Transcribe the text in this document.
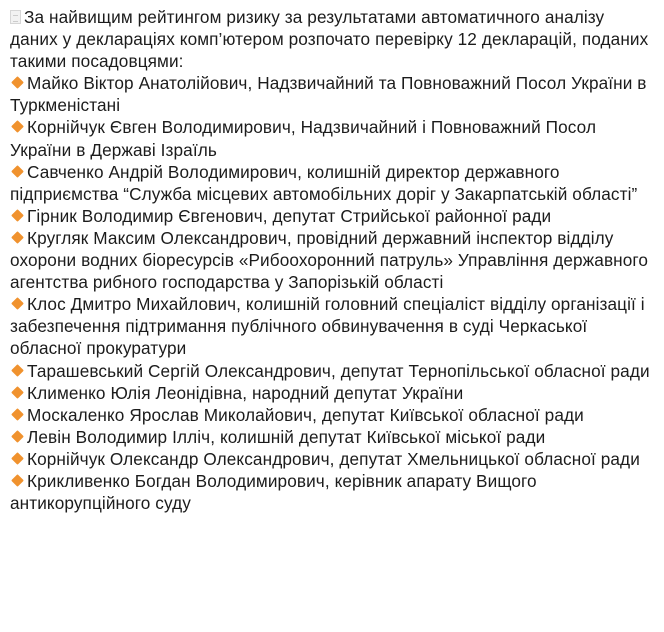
За найвищим рейтингом ризику за результатами автоматичного аналізу даних у деклараціях комп’ютером розпочато перевірку 12 декларацій, поданих такими посадовцями:

Майко Віктор Анатолійович, Надзвичайний та Повноважний Посол України в Туркменістані

Корнійчук Євген Володимирович, Надзвичайний і Повноважний Посол України в Державі Ізраїль

Савченко Андрій Володимирович, колишній директор державного підприємства “Служба місцевих автомобільних доріг у Закарпатській області”

Гірник Володимир Євгенович, депутат Стрийської районної ради

Кругляк Максим Олександрович, провідний державний інспектор відділу охорони водних біоресурсів «Рибоохоронний патруль» Управління державного агентства рибного господарства у Запорізькій області

Клос Дмитро Михайлович, колишній головний спеціаліст відділу організації і забезпечення підтримання публічного обвинувачення в суді Черкаської обласної прокуратури

Тарашевський Сергій Олександрович, депутат Тернопільської обласної ради

Клименко Юлія Леонідівна, народний депутат України

Москаленко Ярослав Миколайович, депутат Київської обласної ради

Левін Володимир Ілліч, колишній депутат Київської міської ради

Корнійчук Олександр Олександрович, депутат Хмельницької обласної ради

Крикливенко Богдан Володимирович, керівник апарату Вищого антикорупційного суду
